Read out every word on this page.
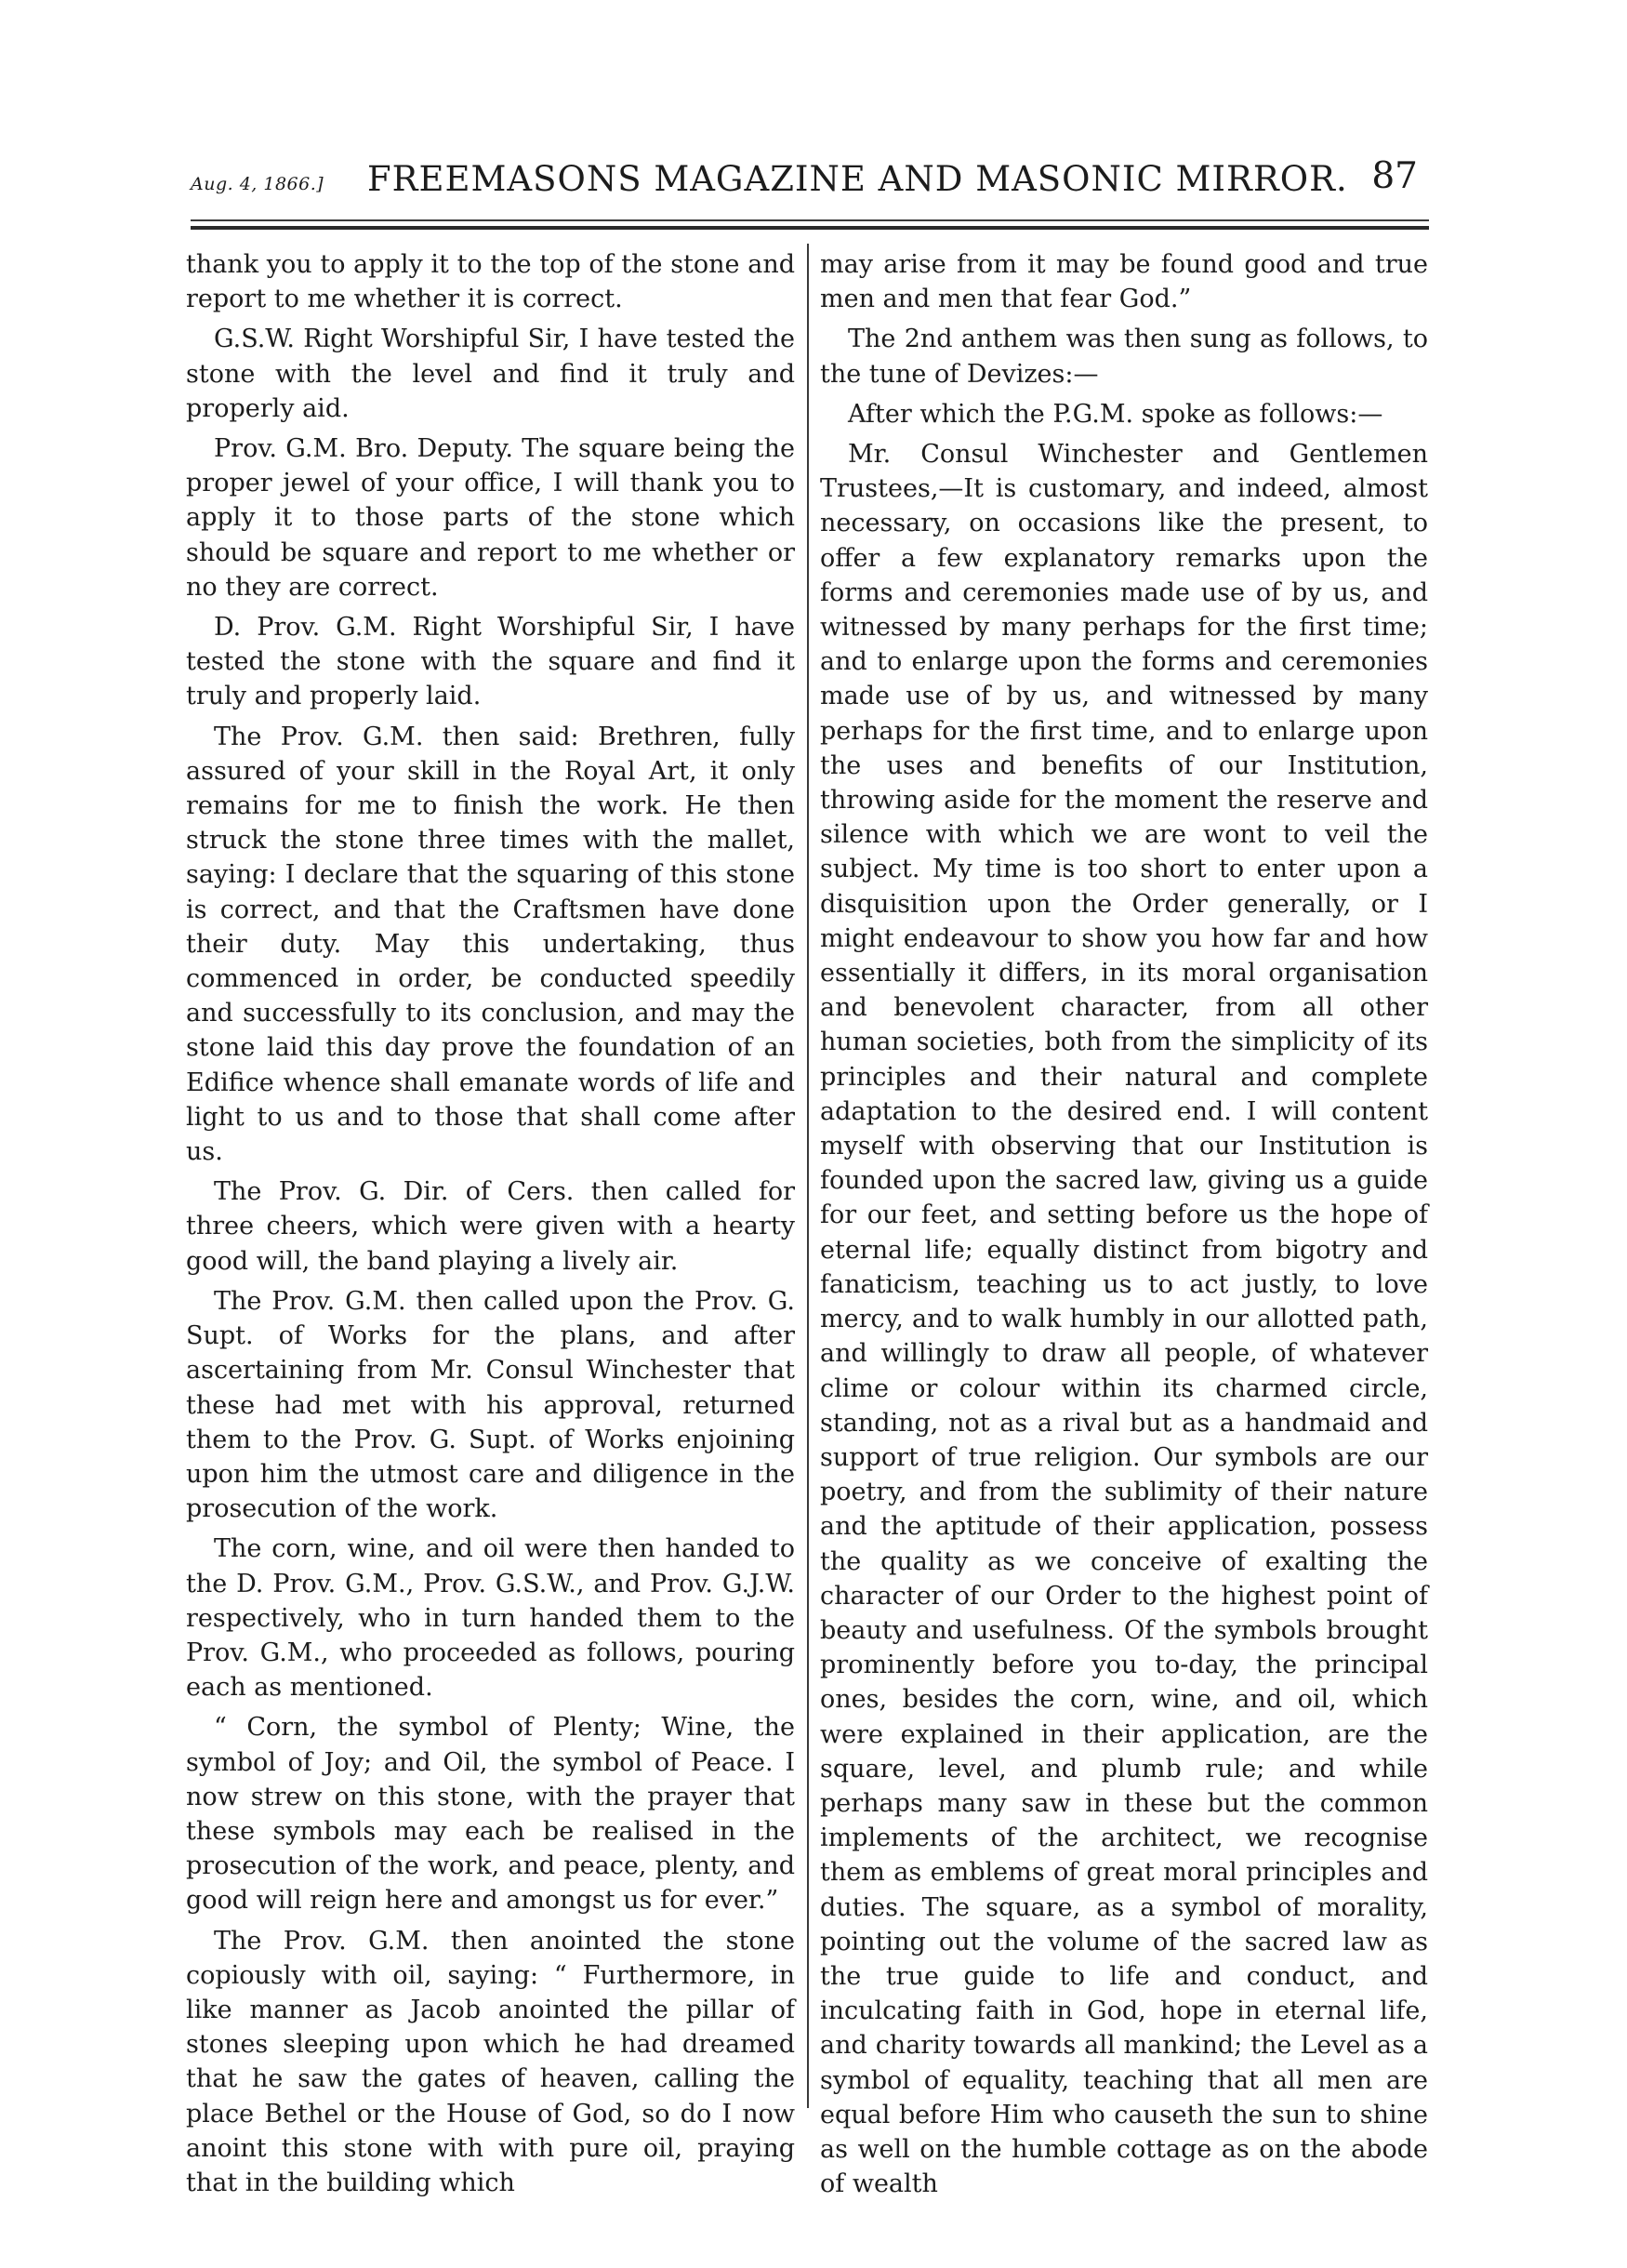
Aug. 4, 1866.] FREEMASONS MAGAZINE AND MASONIC MIRROR. 87

thank you to apply it to the top of the stone and report to me whether it is correct.

G.S.W. Right Worshipful Sir, I have tested the stone with the level and find it truly and properly aid.

Prov. G.M. Bro. Deputy. The square being the proper jewel of your office, I will thank you to apply it to those parts of the stone which should be square and report to me whether or no they are correct.

D. Prov. G.M. Right Worshipful Sir, I have tested the stone with the square and find it truly and properly laid.

The Prov. G.M. then said: Brethren, fully assured of your skill in the Royal Art, it only remains for me to finish the work. He then struck the stone three times with the mallet, saying: I declare that the squaring of this stone is correct, and that the Craftsmen have done their duty. May this undertaking, thus commenced in order, be conducted speedily and successfully to its conclusion, and may the stone laid this day prove the foundation of an Edifice whence shall emanate words of life and light to us and to those that shall come after us.

The Prov. G. Dir. of Cers. then called for three cheers, which were given with a hearty good will, the band playing a lively air.

The Prov. G.M. then called upon the Prov. G. Supt. of Works for the plans, and after ascertaining from Mr. Consul Winchester that these had met with his approval, returned them to the Prov. G. Supt. of Works enjoining upon him the utmost care and diligence in the prosecution of the work.

The corn, wine, and oil were then handed to the D. Prov. G.M., Prov. G.S.W., and Prov. G.J.W. respectively, who in turn handed them to the Prov. G.M., who proceeded as follows, pouring each as mentioned.

“ Corn, the symbol of Plenty; Wine, the symbol of Joy; and Oil, the symbol of Peace. I now strew on this stone, with the prayer that these symbols may each be realised in the prosecution of the work, and peace, plenty, and good will reign here and amongst us for ever.”

The Prov. G.M. then anointed the stone copiously with oil, saying: “ Furthermore, in like manner as Jacob anointed the pillar of stones sleeping upon which he had dreamed that he saw the gates of heaven, calling the place Bethel or the House of God, so do I now anoint this stone with with pure oil, praying that in the building which

may arise from it may be found good and true men and men that fear God.”

The 2nd anthem was then sung as follows, to the tune of Devizes:—

After which the P.G.M. spoke as follows:—

Mr. Consul Winchester and Gentlemen Trustees,—It is customary, and indeed, almost necessary, on occasions like the present, to offer a few explanatory remarks upon the forms and ceremonies made use of by us, and witnessed by many perhaps for the first time; and to enlarge upon the forms and ceremonies made use of by us, and witnessed by many perhaps for the first time, and to enlarge upon the uses and benefits of our Institution, throwing aside for the moment the reserve and silence with which we are wont to veil the subject. My time is too short to enter upon a disquisition upon the Order generally, or I might endeavour to show you how far and how essentially it differs, in its moral organisation and benevolent character, from all other human societies, both from the simplicity of its principles and their natural and complete adaptation to the desired end. I will content myself with observing that our Institution is founded upon the sacred law, giving us a guide for our feet, and setting before us the hope of eternal life; equally distinct from bigotry and fanaticism, teaching us to act justly, to love mercy, and to walk humbly in our allotted path, and willingly to draw all people, of whatever clime or colour within its charmed circle, standing, not as a rival but as a handmaid and support of true religion. Our symbols are our poetry, and from the sublimity of their nature and the aptitude of their application, possess the quality as we conceive of exalting the character of our Order to the highest point of beauty and usefulness. Of the symbols brought prominently before you to-day, the principal ones, besides the corn, wine, and oil, which were explained in their application, are the square, level, and plumb rule; and while perhaps many saw in these but the common implements of the architect, we recognise them as emblems of great moral principles and duties. The square, as a symbol of morality, pointing out the volume of the sacred law as the true guide to life and conduct, and inculcating faith in God, hope in eternal life, and charity towards all mankind; the Level as a symbol of equality, teaching that all men are equal before Him who causeth the sun to shine as well on the humble cottage as on the abode of wealth
